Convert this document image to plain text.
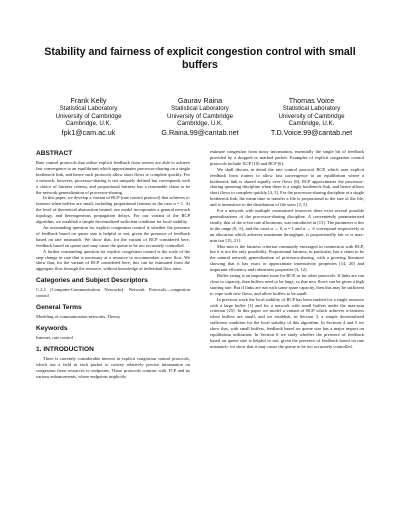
Stability and fairness of explicit congestion control with small buffers
Frank Kelly
Statistical Laboratory
University of Cambridge
Cambridge, U.K.
fpk1@cam.ac.uk
Gaurav Raina
Statistical Laboratory
University of Cambridge
Cambridge, U.K.
G.Raina.99@cantab.net
Thomas Voice
Statistical Laboratory
University of Cambridge
Cambridge, U.K.
T.D.Voice.99@cantab.net
ABSTRACT

Rate control protocols that utilise explicit feedback from routers are able to achieve fast convergence to an equilibrium which approximates processor-sharing on a single bottleneck link, and hence such protocols allow short flows to complete quickly. For a network, however, processor-sharing is not uniquely defined but corresponds with a choice of fairness criteria, and proportional fairness has a reasonable claim to be the network generalization of processor-sharing.

In this paper, we develop a variant of RCP (rate control protocol) that achieves α-fairness when buffers are small, including proportional fairness as the case α = 1. At the level of theoretical abstraction treated, our model incorporates a general network topology, and heterogeneous propagation delays. For our variant of the RCP algorithm, we establish a simple decentralized sufficient condition for local stability.

An outstanding question for explicit congestion control is whether the presence of feedback based on queue size is helpful or not, given the presence of feedback based on rate mismatch. We show that, for the variant of RCP considered here, feedback based on queue size may cause the queue to be too accurately controlled.

A further outstanding question for explicit congestion control is the scale of the step-change in rate that is necessary at a resource to accommodate a new flow. We show that, for the variant of RCP considered here, this can be estimated from the aggregate flow through the resource, without knowledge of individual flow rates.

Categories and Subject Descriptors

C.2.2 [Computer-Communication Networks]: Network Protocols—congestion control

General Terms

Modeling of communication networks, Theory

Keywords

Internet, rate control

1. INTRODUCTION

There is currently considerable interest in explicit congestion control protocols, which use a field in each packet to convey relatively precise information on congestion from resources to endpoints. These protocols contrast with TCP and its various enhancements, where endpoints implicitly

estimate congestion from noisy information, essentially the single bit of feedback provided by a dropped or marked packet. Examples of explicit congestion control protocols include XCP [10] and RCP [6].

We shall discuss in detail the rate control protocol RCP, which uses explicit feedback from routers to allow fast convergence to an equilibrium where a bottleneck link is shared equally over flows [6]. RCP approximates the processor-sharing queueing discipline when there is a single bottleneck link, and hence allows short flows to complete quickly [4, 5]. For the processor-sharing discipline at a single bottleneck link, the mean time to transfer a file is proportional to the size of the file, and is insensitive to the distribution of file sizes [2, 5].

For a network with multiple constrained resources there exist several possible generalizations of the processor-sharing discipline. A conveniently parameterized family, that of the α-fair rate allocations, was introduced in [15]. The parameter α lies in the range (0, ∞), and the cases α → 0, α = 1 and α → ∞ correspond respectively to an allocation which achieves maximum throughput, is proportionally fair or is max-min fair [15, 21].

Max-min is the fairness criterion commonly envisaged in connection with RCP, but it is not the only possibility. Proportional fairness, in particular, has a claim to be the natural network generalization of processor-sharing, with a growing literature showing that it has exact or approximate insensitivity properties [14, 20] and important efficiency and robustness properties [3, 12].

Buffer sizing is an important issue for RCP, as for other protocols. If links are run close to capacity, then buffers need to be large, so that new flows can be given a high starting rate. But if links are run with some spare capacity, then this may be sufficient to cope with new flows, and allow buffers to be small.

In previous work the local stability of RCP has been studied for a single resource with a large buffer [1] and for a network with small buffers under the max-min criterion [25]. In this paper we model a variant of RCP which achieves α-fairness when buffers are small, and we establish, in Section 3, a simple decentralized sufficient condition for the local stability of this algorithm. In Sections 4 and 5 we show that, with small buffers, feedback based on queue size has a major impact on equilibrium utilization. In Section 6 we study whether the presence of feedback based on queue size is helpful or not, given the presence of feedback based on rate mismatch: we show that it may cause the queue to be too accurately controlled.
